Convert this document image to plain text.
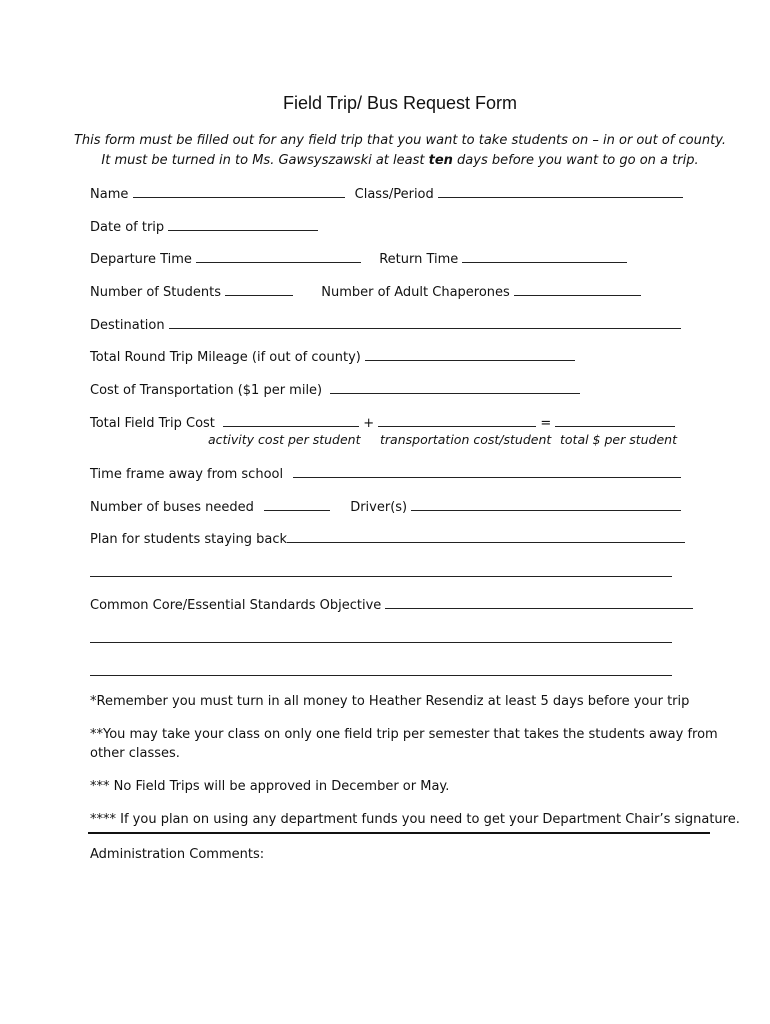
Field Trip/ Bus Request Form
This form must be filled out for any field trip that you want to take students on – in or out of county.
It must be turned in to Ms. Gawsyszawski at least ten days before you want to go on a trip.
Name	Class/Period
Date of trip
Departure Time	Return Time
Number of Students	Number of Adult Chaperones
Destination
Total Round Trip Mileage (if out of county)
Cost of Transportation ($1 per mile)
Total Field Trip Cost	+	=
activity cost per student transportation cost/student total $ per student
Time frame away from school
Number of buses needed	Driver(s)
Plan for students staying back
Common Core/Essential Standards Objective
*Remember you must turn in all money to Heather Resendiz at least 5 days before your trip
**You may take your class on only one field trip per semester that takes the students away from
other classes.
*** No Field Trips will be approved in December or May.
**** If you plan on using any department funds you need to get your Department Chair’s signature.
Administration Comments:
